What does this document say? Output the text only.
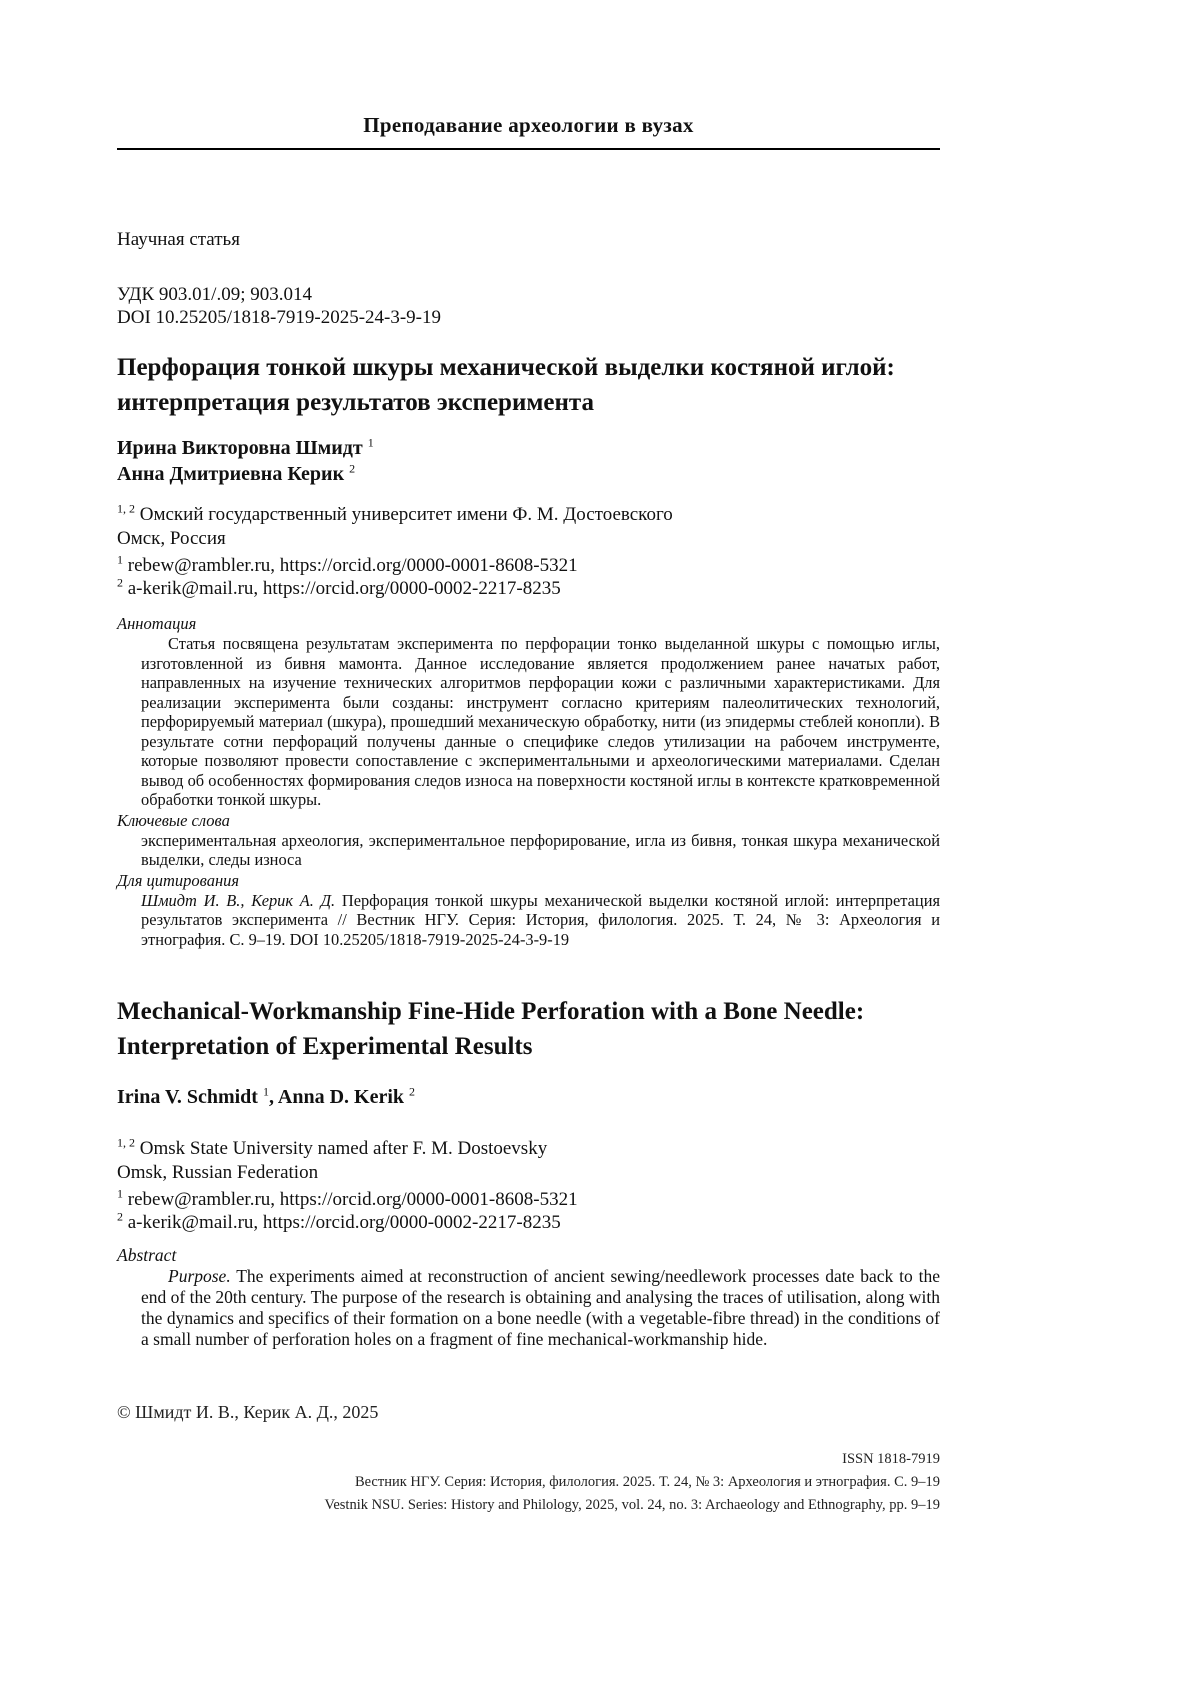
Преподавание археологии в вузах

Научная статья

УДК 903.01/.09; 903.014
DOI 10.25205/1818-7919-2025-24-3-9-19
Перфорация тонкой шкуры механической выделки костяной иглой: интерпретация результатов эксперимента
Ирина Викторовна Шмидт $^1$
Анна Дмитриевна Керик $^2$
$^{1, 2}$ Омский государственный университет имени Ф. М. Достоевского
Омск, Россия
$^1$ rebew@rambler.ru, https://orcid.org/0000-0001-8608-5321
$^2$ a-kerik@mail.ru, https://orcid.org/0000-0002-2217-8235

Аннотация

Статья посвящена результатам эксперимента по перфорации тонко выделанной шкуры с помощью иглы, изготовленной из бивня мамонта. Данное исследование является продолжением ранее начатых работ, направленных на изучение технических алгоритмов перфорации кожи с различными характеристиками. Для реализации эксперимента были созданы: инструмент согласно критериям палеолитических технологий, перфорируемый материал (шкура), прошедший механическую обработку, нити (из эпидермы стеблей конопли). В результате сотни перфораций получены данные о специфике следов утилизации на рабочем инструменте, которые позволяют провести сопоставление с экспериментальными и археологическими материалами. Сделан вывод об особенностях формирования следов износа на поверхности костяной иглы в контексте кратковременной обработки тонкой шкуры.

Ключевые слова

экспериментальная археология, экспериментальное перфорирование, игла из бивня, тонкая шкура механической выделки, следы износа

Для цитирования

Шмидт И. В., Керик А. Д. Перфорация тонкой шкуры механической выделки костяной иглой: интерпретация результатов эксперимента // Вестник НГУ. Серия: История, филология. 2025. Т. 24, № 3: Археология и этнография. С. 9–19. DOI 10.25205/1818-7919-2025-24-3-9-19

Mechanical-Workmanship Fine-Hide Perforation with a Bone Needle: Interpretation of Experimental Results
Irina V. Schmidt $^1$, Anna D. Kerik $^2$
$^{1, 2}$ Omsk State University named after F. M. Dostoevsky
Omsk, Russian Federation
$^1$ rebew@rambler.ru, https://orcid.org/0000-0001-8608-5321
$^2$ a-kerik@mail.ru, https://orcid.org/0000-0002-2217-8235

Abstract

Purpose. The experiments aimed at reconstruction of ancient sewing/needlework processes date back to the end of the 20th century. The purpose of the research is obtaining and analysing the traces of utilisation, along with the dynamics and specifics of their formation on a bone needle (with a vegetable-fibre thread) in the conditions of a small number of perforation holes on a fragment of fine mechanical-workmanship hide.

© Шмидт И. В., Керик А. Д., 2025

ISSN 1818-7919
Вестник НГУ. Серия: История, филология. 2025. Т. 24, № 3: Археология и этнография. С. 9–19
Vestnik NSU. Series: History and Philology, 2025, vol. 24, no. 3: Archaeology and Ethnography, pp. 9–19
